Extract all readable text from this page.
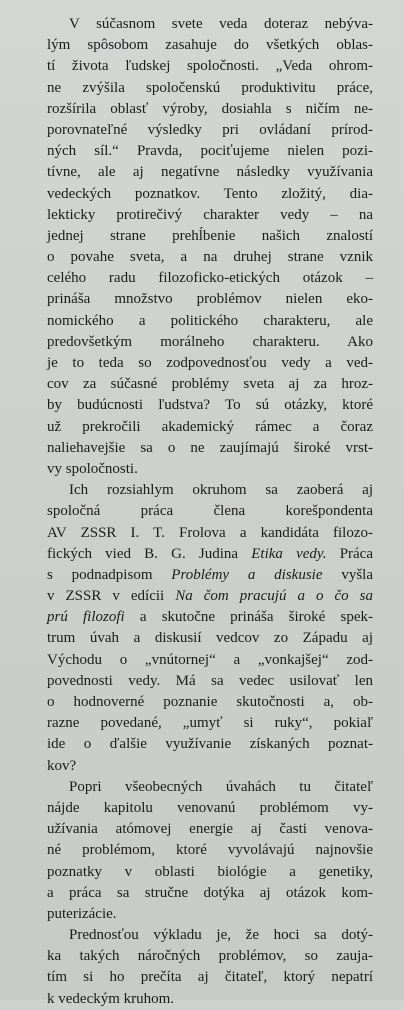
V súčasnom svete veda doteraz nebýva-
lým spôsobom zasahuje do všetkých oblas-
tí života ľudskej spoločnosti. „Veda ohrom-
ne zvýšila spoločenskú produktivitu práce,
rozšírila oblasť výroby, dosiahla s ničím ne-
porovnateľné výsledky pri ovládaní prírod-
ných síl.“ Pravda, pociťujeme nielen pozi-
tívne, ale aj negatívne následky využívania
vedeckých poznatkov. Tento zložitý, dia-
lekticky protirečivý charakter vedy – na
jednej strane prehĺbenie našich znalostí
o povahe sveta, a na druhej strane vznik
celého radu filozoficko-etických otázok –
prináša množstvo problémov nielen eko-
nomického a politického charakteru, ale
predovšetkým morálneho charakteru. Ako
je to teda so zodpovednosťou vedy a ved-
cov za súčasné problémy sveta aj za hroz-
by budúcnosti ľudstva? To sú otázky, ktoré
už prekročili akademický rámec a čoraz
naliehavejšie sa o ne zaujímajú široké vrst-
vy spoločnosti.
Ich rozsiahlym okruhom sa zaoberá aj
spoločná práca člena korešpondenta
AV ZSSR I. T. Frolova a kandidáta filozo-
fických vied B. G. Judina Etika vedy. Práca
s podnadpisom Problémy a diskusie vyšla
v ZSSR v edícii Na čom pracujú a o čo sa
prú filozofi a skutočne prináša široké spek-
trum úvah a diskusií vedcov zo Západu aj
Východu o „vnútornej“ a „vonkajšej“ zod-
povednosti vedy. Má sa vedec usilovať len
o hodnoverné poznanie skutočnosti a, ob-
razne povedané, „umyť si ruky“, pokiaľ
ide o ďalšie využívanie získaných poznat-
kov?
Popri všeobecných úvahách tu čitateľ
nájde kapitolu venovanú problémom vy-
užívania atómovej energie aj časti venova-
né problémom, ktoré vyvolávajú najnovšie
poznatky v oblasti biológie a genetiky,
a práca sa stručne dotýka aj otázok kom-
puterizácie.
Prednosťou výkladu je, že hoci sa dotý-
ka takých náročných problémov, so zauja-
tím si ho prečíta aj čitateľ, ktorý nepatrí
k vedeckým kruhom.
